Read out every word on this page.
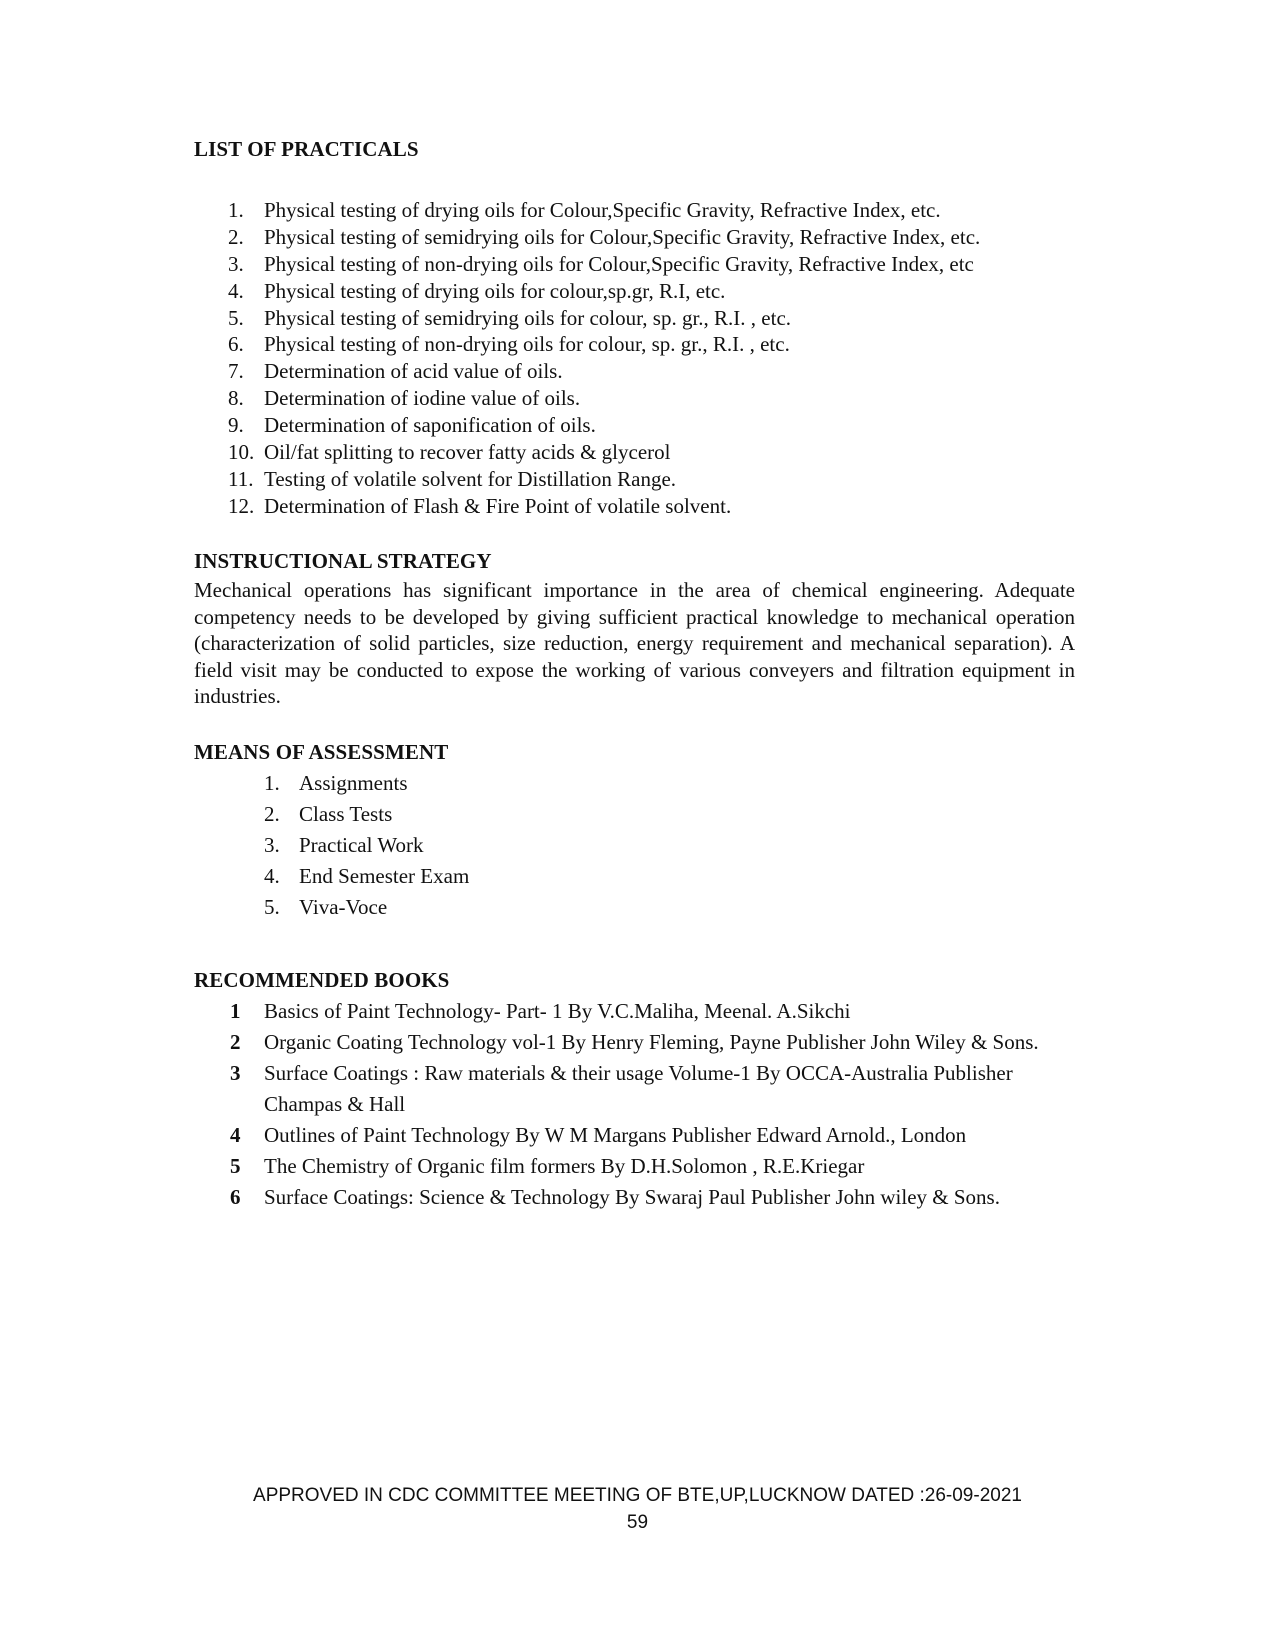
LIST OF PRACTICALS
1. Physical testing of drying oils for Colour,Specific Gravity, Refractive Index, etc.
2. Physical testing of semidrying oils for Colour,Specific Gravity, Refractive Index, etc.
3. Physical testing of non-drying oils for Colour,Specific Gravity, Refractive Index, etc
4. Physical testing of drying oils for colour,sp.gr, R.I, etc.
5. Physical testing of semidrying oils for colour, sp. gr., R.I. , etc.
6. Physical testing of non-drying oils for colour, sp. gr., R.I. , etc.
7. Determination of acid value of oils.
8. Determination of iodine value of oils.
9. Determination of saponification of oils.
10. Oil/fat splitting to recover fatty acids & glycerol
11. Testing of volatile solvent for Distillation Range.
12. Determination of Flash & Fire Point of volatile solvent.
INSTRUCTIONAL STRATEGY

Mechanical operations has significant importance in the area of chemical engineering. Adequate competency needs to be developed by giving sufficient practical knowledge to mechanical operation (characterization of solid particles, size reduction, energy requirement and mechanical separation). A field visit may be conducted to expose the working of various conveyers and filtration equipment in industries.

MEANS OF ASSESSMENT
1. Assignments
2. Class Tests
3. Practical Work
4. End Semester Exam
5. Viva-Voce
RECOMMENDED BOOKS
1 Basics of Paint Technology- Part- 1 By V.C.Maliha, Meenal. A.Sikchi
2 Organic Coating Technology vol-1 By Henry Fleming, Payne Publisher John Wiley & Sons.
3 Surface Coatings : Raw materials & their usage Volume-1 By OCCA-Australia Publisher Champas & Hall
4 Outlines of Paint Technology By W M Margans Publisher Edward Arnold., London
5 The Chemistry of Organic film formers By D.H.Solomon , R.E.Kriegar
6 Surface Coatings: Science & Technology By Swaraj Paul Publisher John wiley & Sons.
APPROVED IN CDC COMMITTEE MEETING OF BTE,UP,LUCKNOW DATED :26-09-2021
59
